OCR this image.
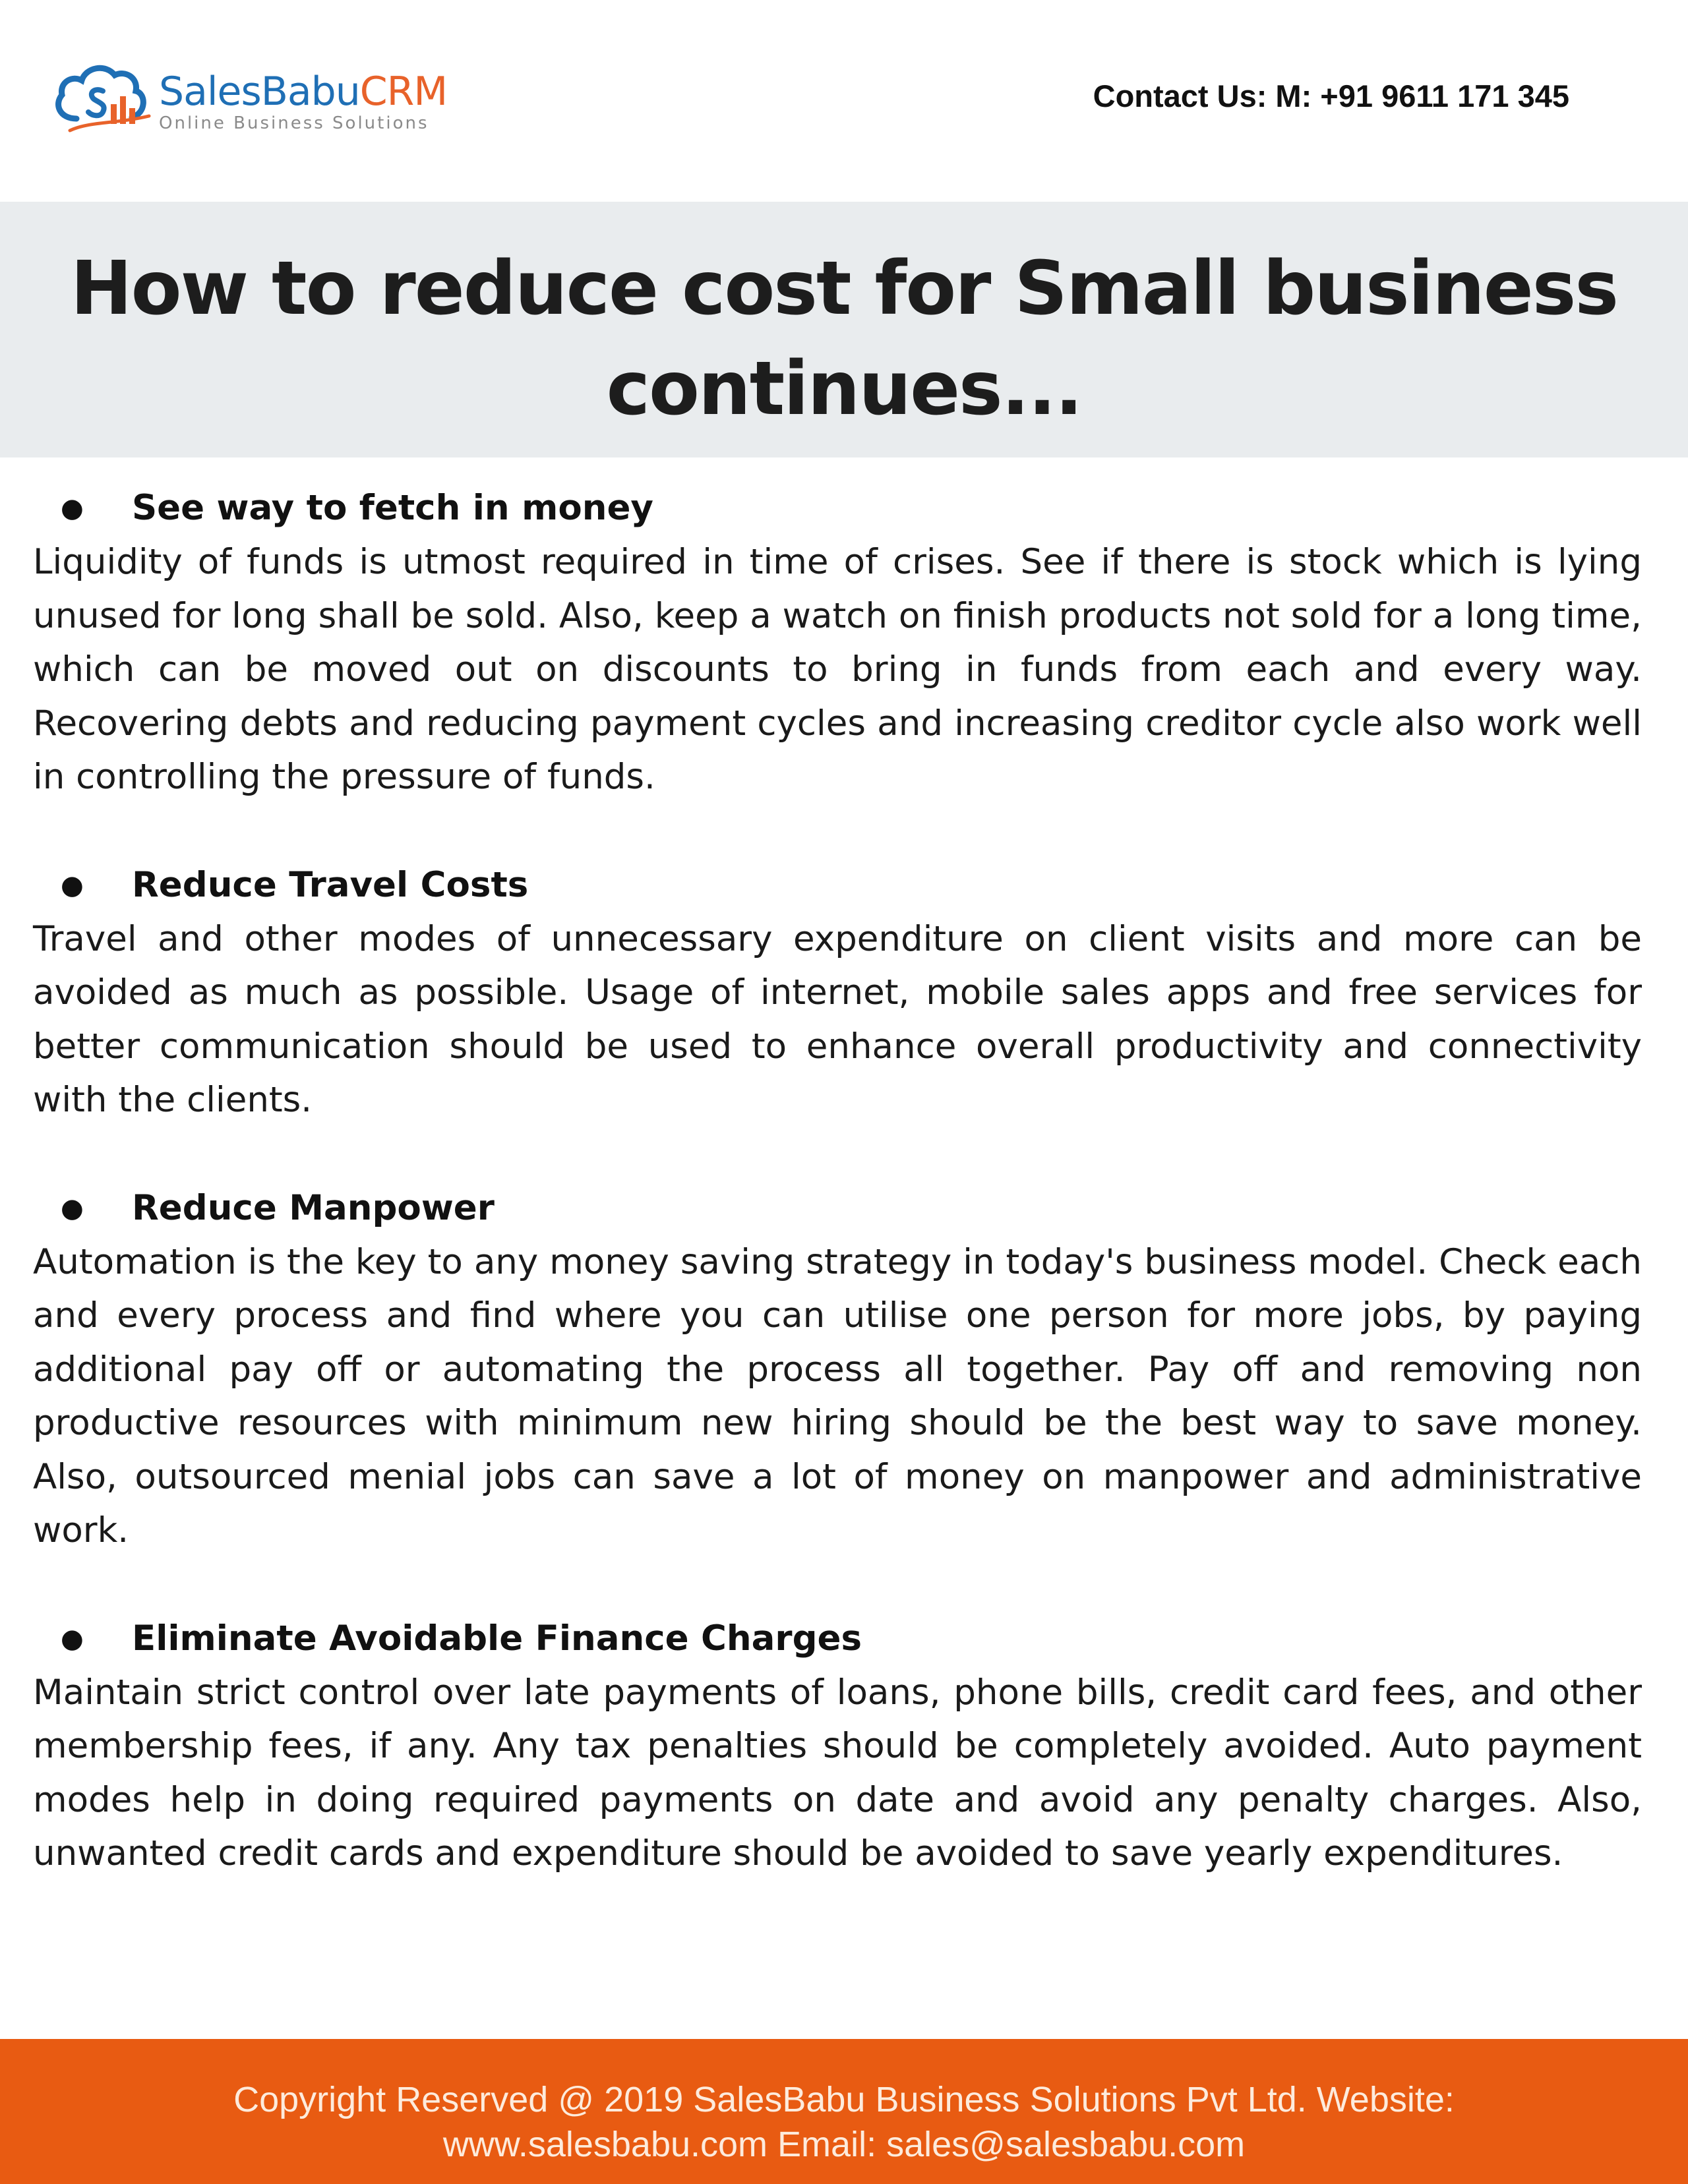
SalesBabuCRM
Online Business Solutions
Contact Us: M: +91 9611 171 345
How to reduce cost for Small business
continues...
● See way to fetch in money
Liquidity of funds is utmost required in time of crises. See if there is stock which is lying unused for long shall be sold. Also, keep a watch on finish products not sold for a long time, which can be moved out on discounts to bring in funds from each and every way. Recovering debts and reducing payment cycles and increasing creditor cycle also work well in controlling the pressure of funds.
● Reduce Travel Costs
Travel and other modes of unnecessary expenditure on client visits and more can be avoided as much as possible. Usage of internet, mobile sales apps and free services for better communication should be used to enhance overall productivity and connectivity with the clients.
● Reduce Manpower
Automation is the key to any money saving strategy in today's business model. Check each and every process and find where you can utilise one person for more jobs, by paying additional pay off or automating the process all together. Pay off and removing non productive resources with minimum new hiring should be the best way to save money. Also, outsourced menial jobs can save a lot of money on manpower and administrative work.
● Eliminate Avoidable Finance Charges
Maintain strict control over late payments of loans, phone bills, credit card fees, and other membership fees, if any. Any tax penalties should be completely avoided. Auto payment modes help in doing required payments on date and avoid any penalty charges. Also, unwanted credit cards and expenditure should be avoided to save yearly expenditures.
Copyright Reserved @ 2019 SalesBabu Business Solutions Pvt Ltd. Website:
www.salesbabu.com Email: sales@salesbabu.com
